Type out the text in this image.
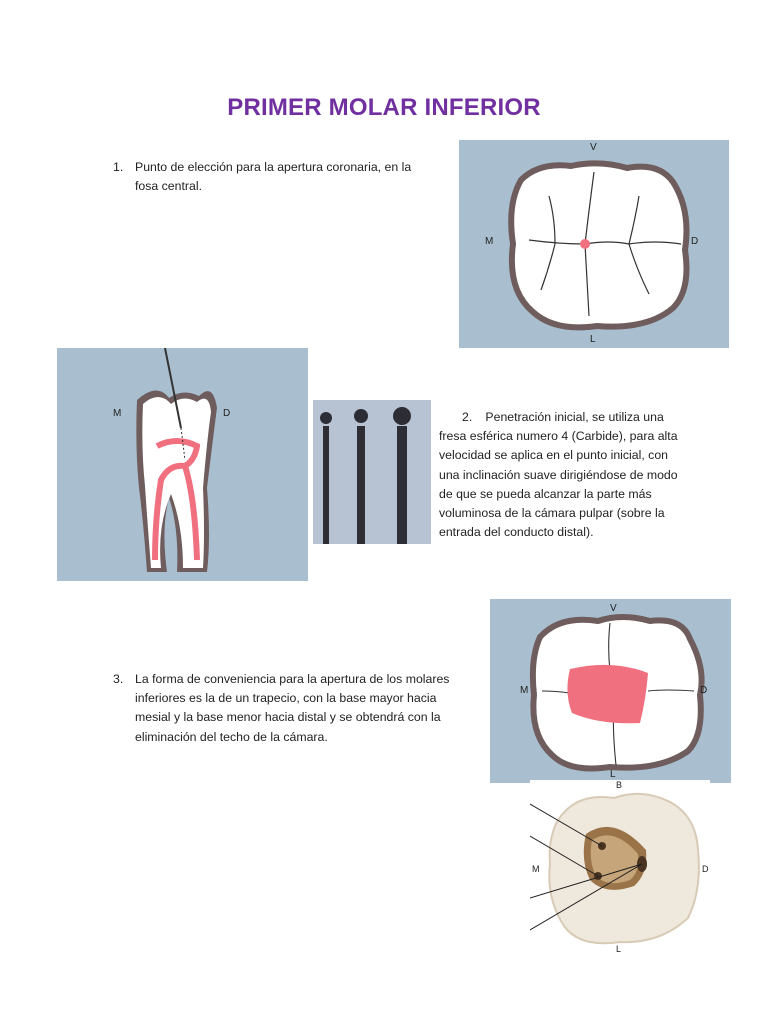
PRIMER MOLAR INFERIOR
1. Punto de elección para la apertura coronaria, en la fosa central.
V
M	D
L
M	D	2. Penetración inicial, se utiliza una fresa esférica numero 4 (Carbide), para alta velocidad se aplica en el punto inicial, con una inclinación suave dirigiéndose de modo de que se pueda alcanzar la parte más voluminosa de la cámara pulpar (sobre la entrada del conducto distal).
V
M	D
L
3. La forma de conveniencia para la apertura de los molares inferiores es la de un trapecio, con la base mayor hacia mesial y la base menor hacia distal y se obtendrá con la eliminación del techo de la cámara.
B
M	D
L
